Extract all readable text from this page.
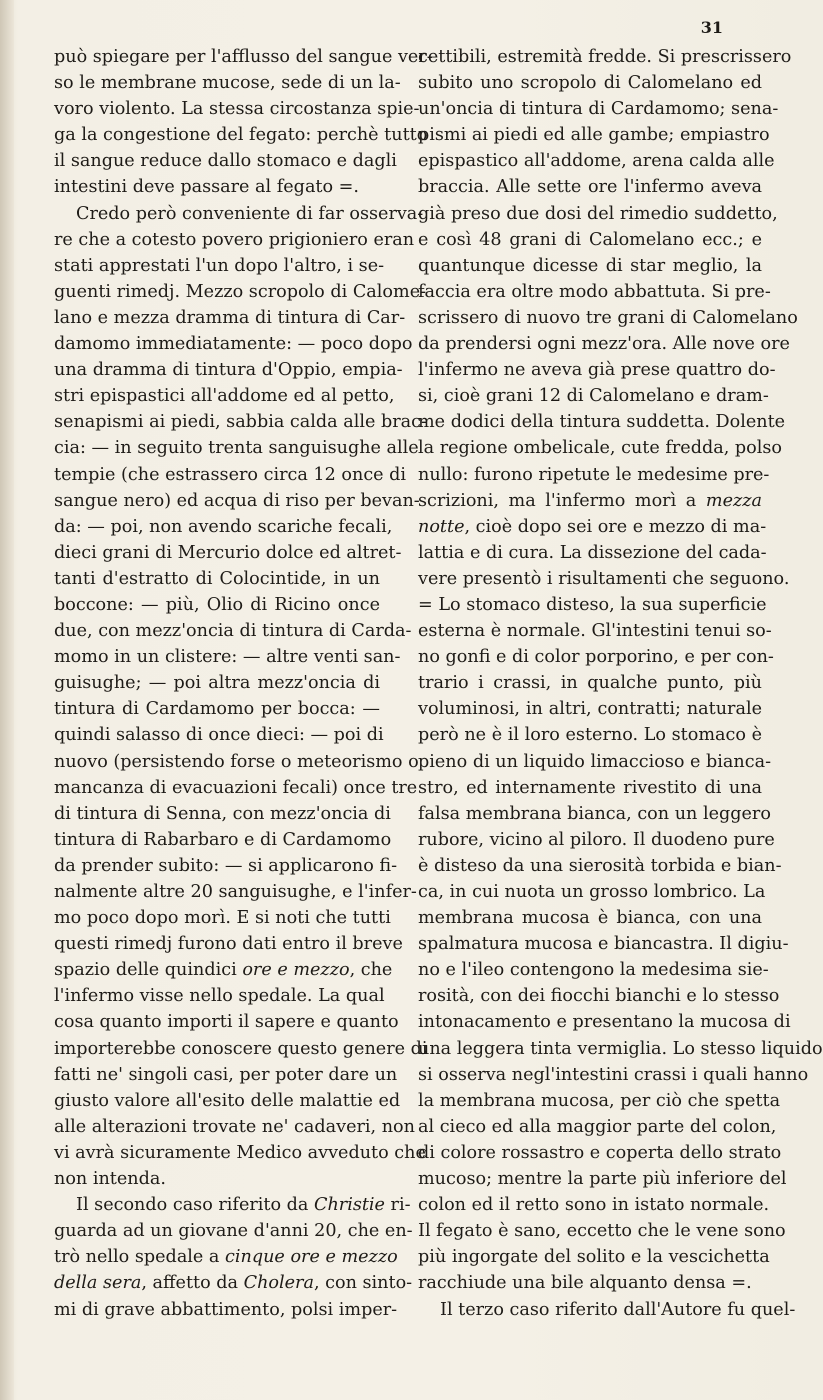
31
può spiegare per l'afflusso del sangue ver-
so le membrane mucose, sede di un la-
voro violento. La stessa circostanza spie-
ga la congestione del fegato: perchè tutto
il sangue reduce dallo stomaco e dagli
intestini deve passare al fegato =.
Credo però conveniente di far osserva-
re che a cotesto povero prigioniero eran
stati apprestati l'un dopo l'altro, i se-
guenti rimedj. Mezzo scropolo di Calome-
lano e mezza dramma di tintura di Car-
damomo immediatamente: — poco dopo
una dramma di tintura d'Oppio, empia-
stri epispastici all'addome ed al petto,
senapismi ai piedi, sabbia calda alle brac-
cia: — in seguito trenta sanguisughe alle
tempie (che estrassero circa 12 once di
sangue nero) ed acqua di riso per bevan-
da: — poi, non avendo scariche fecali,
dieci grani di Mercurio dolce ed altret-
tanti d'estratto di Colocintide, in un
boccone: — più, Olio di Ricino once
due, con mezz'oncia di tintura di Carda-
momo in un clistere: — altre venti san-
guisughe; — poi altra mezz'oncia di
tintura di Cardamomo per bocca: —
quindi salasso di once dieci: — poi di
nuovo (persistendo forse o meteorismo o
mancanza di evacuazioni fecali) once tre
di tintura di Senna, con mezz'oncia di
tintura di Rabarbaro e di Cardamomo
da prender subito: — si applicarono fi-
nalmente altre 20 sanguisughe, e l'infer-
mo poco dopo morì. E si noti che tutti
questi rimedj furono dati entro il breve
spazio delle quindici ore e mezzo, che
l'infermo visse nello spedale. La qual
cosa quanto importi il sapere e quanto
importerebbe conoscere questo genere di
fatti ne' singoli casi, per poter dare un
giusto valore all'esito delle malattie ed
alle alterazioni trovate ne' cadaveri, non
vi avrà sicuramente Medico avveduto che
non intenda.
Il secondo caso riferito da Christie ri-
guarda ad un giovane d'anni 20, che en-
trò nello spedale a cinque ore e mezzo
della sera, affetto da Cholera, con sinto-
mi di grave abbattimento, polsi imper-
cettibili, estremità fredde. Si prescrissero
subito uno scropolo di Calomelano ed
un'oncia di tintura di Cardamomo; sena-
pismi ai piedi ed alle gambe; empiastro
epispastico all'addome, arena calda alle
braccia. Alle sette ore l'infermo aveva
già preso due dosi del rimedio suddetto,
e così 48 grani di Calomelano ecc.; e
quantunque dicesse di star meglio, la
faccia era oltre modo abbattuta. Si pre-
scrissero di nuovo tre grani di Calomelano
da prendersi ogni mezz'ora. Alle nove ore
l'infermo ne aveva già prese quattro do-
si, cioè grani 12 di Calomelano e dram-
me dodici della tintura suddetta. Dolente
la regione ombelicale, cute fredda, polso
nullo: furono ripetute le medesime pre-
scrizioni, ma l'infermo morì a mezza
notte, cioè dopo sei ore e mezzo di ma-
lattia e di cura. La dissezione del cada-
vere presentò i risultamenti che seguono.
= Lo stomaco disteso, la sua superficie
esterna è normale. Gl'intestini tenui so-
no gonfi e di color porporino, e per con-
trario i crassi, in qualche punto, più
voluminosi, in altri, contratti; naturale
però ne è il loro esterno. Lo stomaco è
pieno di un liquido limaccioso e bianca-
stro, ed internamente rivestito di una
falsa membrana bianca, con un leggero
rubore, vicino al piloro. Il duodeno pure
è disteso da una sierosità torbida e bian-
ca, in cui nuota un grosso lombrico. La
membrana mucosa è bianca, con una
spalmatura mucosa e biancastra. Il digiu-
no e l'ileo contengono la medesima sie-
rosità, con dei fiocchi bianchi e lo stesso
intonacamento e presentano la mucosa di
una leggera tinta vermiglia. Lo stesso liquido
si osserva negl'intestini crassi i quali hanno
la membrana mucosa, per ciò che spetta
al cieco ed alla maggior parte del colon,
di colore rossastro e coperta dello strato
mucoso; mentre la parte più inferiore del
colon ed il retto sono in istato normale.
Il fegato è sano, eccetto che le vene sono
più ingorgate del solito e la vescichetta
racchiude una bile alquanto densa =.
Il terzo caso riferito dall'Autore fu quel-
